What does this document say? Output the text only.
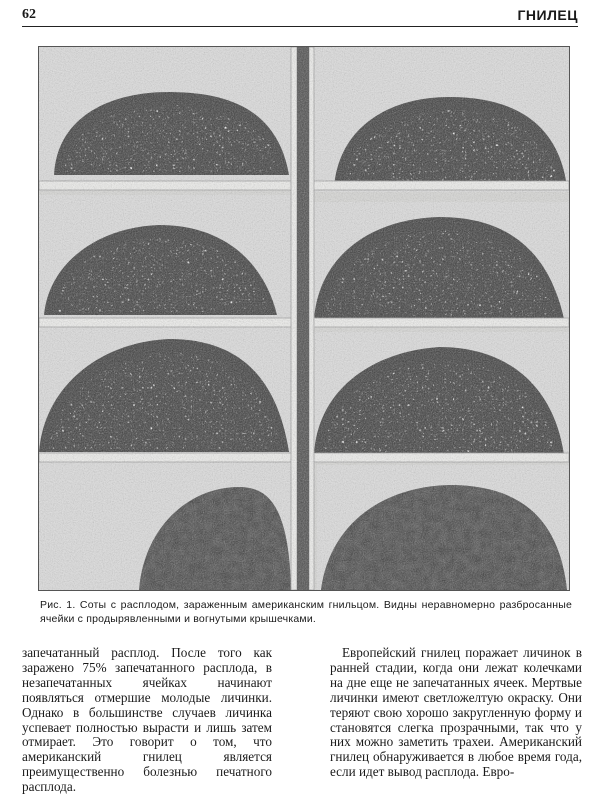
62	ГНИЛЕЦ
Рис. 1. Соты с расплодом, зараженным американским гнильцом. Видны неравномерно разбросанные ячейки с продырявленными и вогнутыми крышечками.

запечатанный расплод. После того как заражено 75% запечатанного расплода, в незапечатанных ячейках начинают появляться отмершие молодые личинки. Однако в большинстве случаев личинка успевает полностью вырасти и лишь затем отмирает. Это говорит о том, что американский гнилец является преимущественно болезнью печатного расплода.

Европейский гнилец поражает личинок в ранней стадии, когда они лежат колечками на дне еще не запечатанных ячеек. Мертвые личинки имеют светложелтую окраску. Они теряют свою хорошо закругленную форму и становятся слегка прозрачными, так что у них можно заметить трахеи. Американский гнилец обнаруживается в любое время года, если идет вывод расплода. Евро-
